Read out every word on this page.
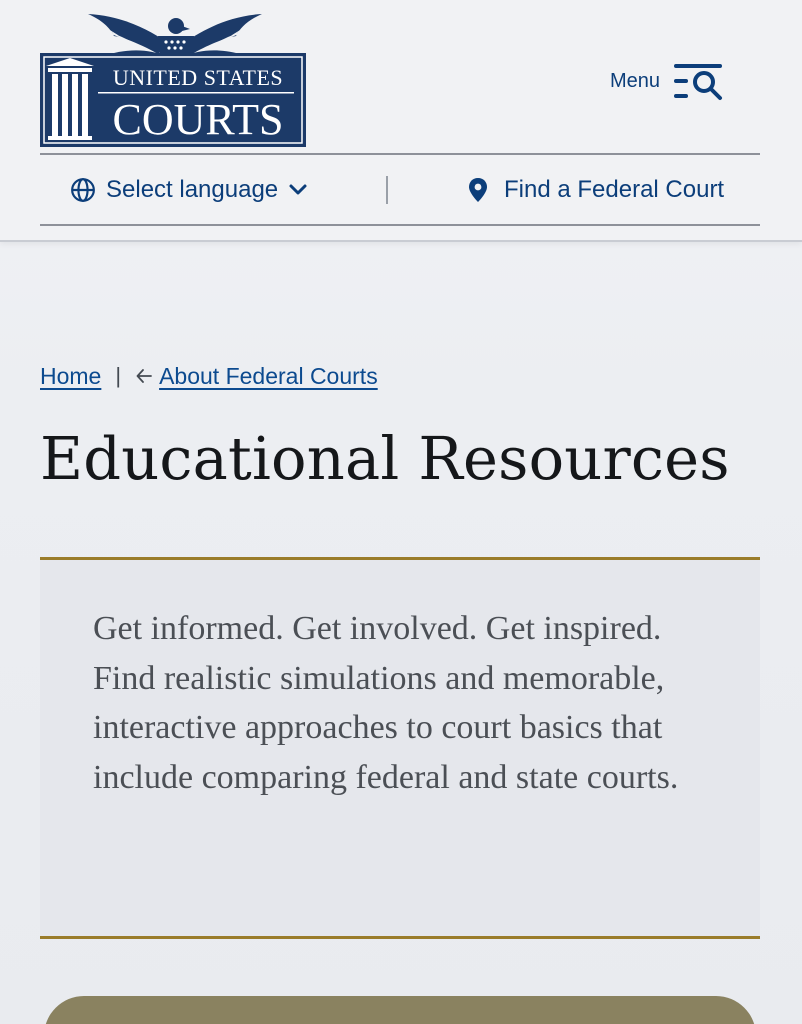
UNITED STATES
COURTS
Menu
Select language	Find a Federal Court
Home | About Federal Courts
Educational Resources

Get informed. Get involved. Get inspired. Find realistic simulations and memorable, interactive approaches to court basics that include comparing federal and state courts.
